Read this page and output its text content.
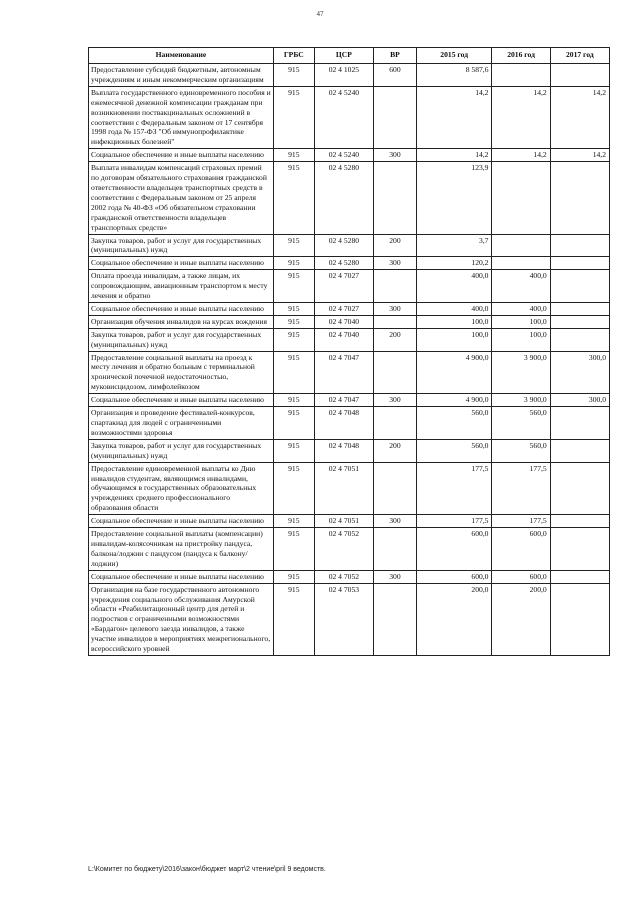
47
Наименование	ГРБС	ЦСР	ВР	2015 год	2016 год	2017 год
Предоставление субсидий бюджетным, автономным учреждениям и иным некоммерческим организациям	915	02 4 1025	600	8 587,6		
Выплата государственного единовременного пособия и ежемесячной денежной компенсации гражданам при возникновении поствакцинальных осложнений в соответствии с Федеральным законом от 17 сентября 1998 года № 157-ФЗ "Об иммунопрофилактике инфекционных болезней"	915	02 4 5240		14,2	14,2	14,2
Социальное обеспечение и иные выплаты населению	915	02 4 5240	300	14,2	14,2	14,2
Выплата инвалидам компенсаций страховых премий по договорам обязательного страхования гражданской ответственности владельцев транспортных средств в соответствии с Федеральным законом от 25 апреля 2002 года № 40-ФЗ «Об обязательном страховании гражданской ответственности владельцев транспортных средств»	915	02 4 5280		123,9		
Закупка товаров, работ и услуг для государственных (муниципальных) нужд	915	02 4 5280	200	3,7		
Социальное обеспечение и иные выплаты населению	915	02 4 5280	300	120,2		
Оплата проезда инвалидам, а также лицам, их сопровождающим, авиационным транспортом к месту лечения и обратно	915	02 4 7027		400,0	400,0	
Социальное обеспечение и иные выплаты населению	915	02 4 7027	300	400,0	400,0	
Организация обучения инвалидов на курсах вождения	915	02 4 7040		100,0	100,0	
Закупка товаров, работ и услуг для государственных (муниципальных) нужд	915	02 4 7040	200	100,0	100,0	
Предоставление социальной выплаты на проезд к месту лечения и обратно больным с терминальной хронической почечной недостаточностью, муковисцидозом, лимфолейкозом	915	02 4 7047		4 900,0	3 900,0	300,0
Социальное обеспечение и иные выплаты населению	915	02 4 7047	300	4 900,0	3 900,0	300,0
Организация и проведение фестивалей-конкурсов, спартакиад для людей с ограниченными возможностями здоровья	915	02 4 7048		560,0	560,0	
Закупка товаров, работ и услуг для государственных (муниципальных) нужд	915	02 4 7048	200	560,0	560,0	
Предоставление единовременной выплаты ко Дню инвалидов студентам, являющимся инвалидами, обучающимся в государственных образовательных учреждениях среднего профессионального образования области	915	02 4 7051		177,5	177,5	
Социальное обеспечение и иные выплаты населению	915	02 4 7051	300	177,5	177,5	
Предоставление социальной выплаты (компенсации) инвалидам-колясочникам на пристройку пандуса, балкона/лоджии с пандусом (пандуса к балкону/лоджии)	915	02 4 7052		600,0	600,0	
Социальное обеспечение и иные выплаты населению	915	02 4 7052	300	600,0	600,0	
Организация на базе государственного автономного учреждения социального обслуживания Амурской области «Реабилитационный центр для детей и подростков с ограниченными возможностями «Бардагон» целевого заезда инвалидов, а также участие инвалидов в мероприятиях межрегионального, всероссийского уровней	915	02 4 7053		200,0	200,0	
L:\Комитет по бюджету\2016\закон\бюджет март\2 чтение\pril 9 ведомств.
